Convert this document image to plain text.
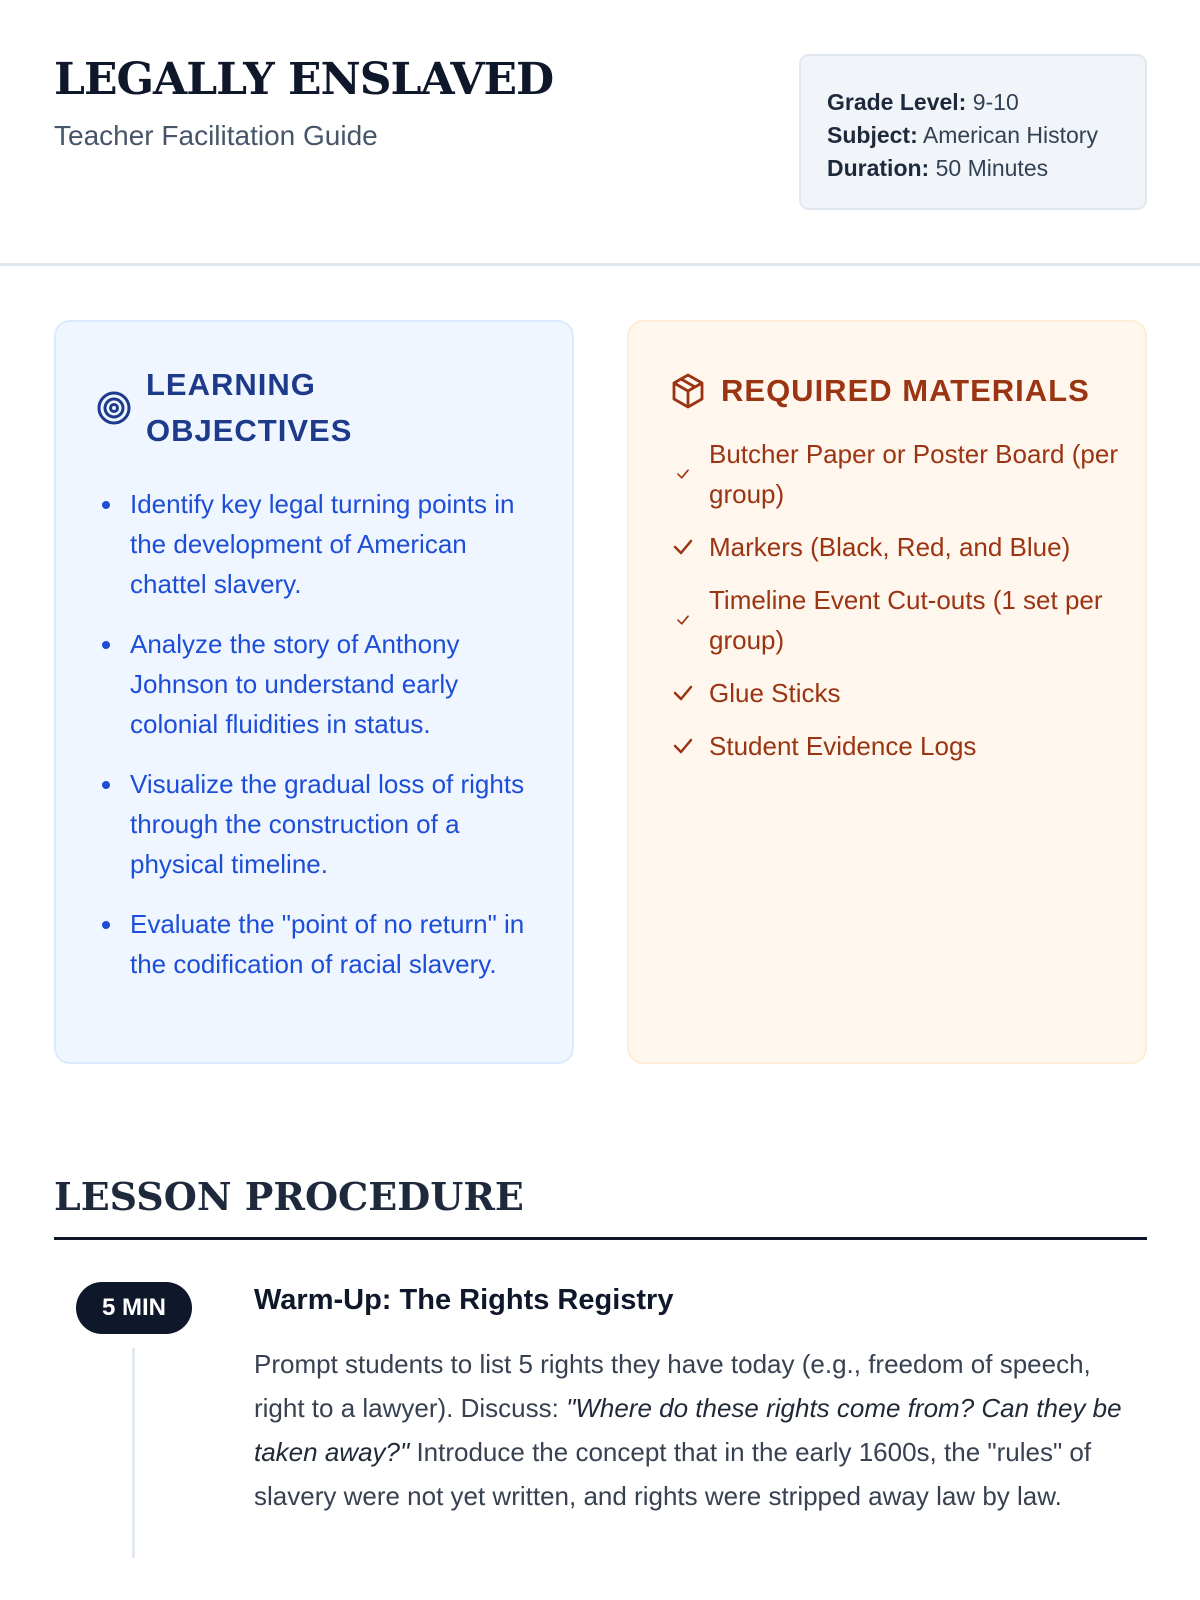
LEGALLY ENSLAVED
Teacher Facilitation Guide
Grade Level: 9-10
Subject: American History
Duration: 50 Minutes
LEARNING OBJECTIVES
Identify key legal turning points in the development of American chattel slavery.
Analyze the story of Anthony Johnson to understand early colonial fluidities in status.
Visualize the gradual loss of rights through the construction of a physical timeline.
Evaluate the "point of no return" in the codification of racial slavery.
REQUIRED MATERIALS
Butcher Paper or Poster Board (per group)
Markers (Black, Red, and Blue)
Timeline Event Cut-outs (1 set per group)
Glue Sticks
Student Evidence Logs
LESSON PROCEDURE
5 MIN	Warm-Up: The Rights Registry
Prompt students to list 5 rights they have today (e.g., freedom of speech, right to a lawyer). Discuss: "Where do these rights come from? Can they be taken away?" Introduce the concept that in the early 1600s, the "rules" of slavery were not yet written, and rights were stripped away law by law.
